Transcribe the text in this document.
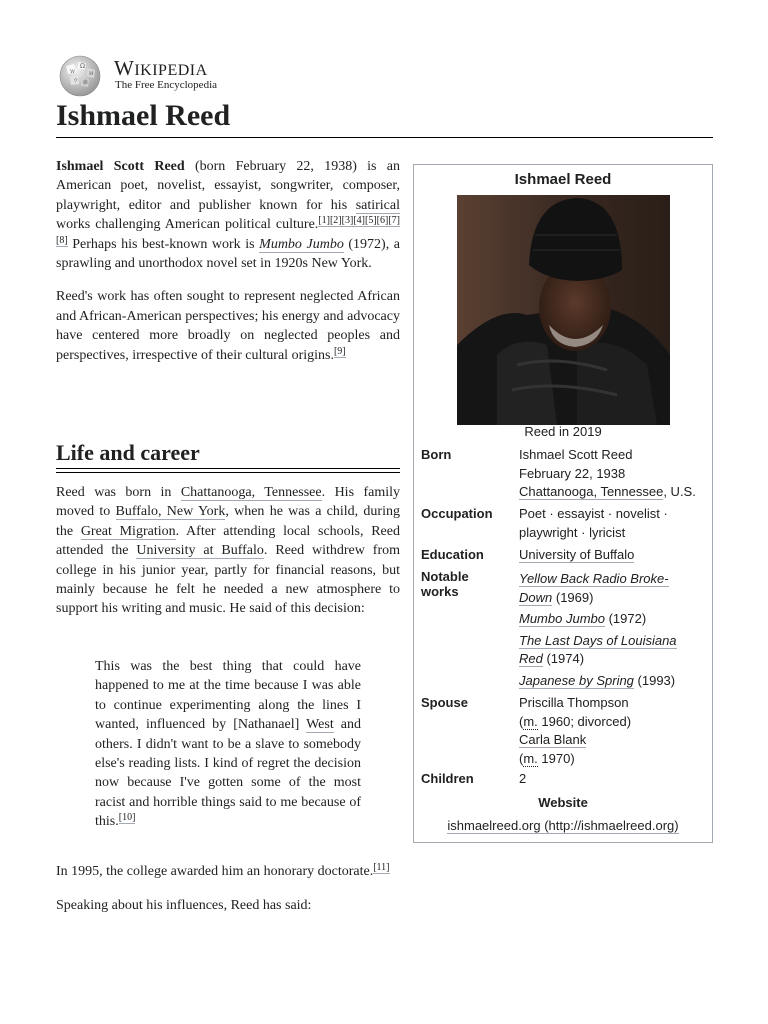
Ω
W	И
ウ 維
WIKIPEDIA
The Free Encyclopedia
Ishmael Reed

Ishmael Scott Reed (born February 22, 1938) is an American poet, novelist, essayist, songwriter, composer, playwright, editor and publisher known for his satirical works challenging American political culture.[1][2][3][4][5][6][7][8] Perhaps his best-known work is Mumbo Jumbo (1972), a sprawling and unorthodox novel set in 1920s New York.

Reed's work has often sought to represent neglected African and African-American perspectives; his energy and advocacy have centered more broadly on neglected peoples and perspectives, irrespective of their cultural origins.[9]

Life and career

Reed was born in Chattanooga, Tennessee. His family moved to Buffalo, New York, when he was a child, during the Great Migration. After attending local schools, Reed attended the University at Buffalo. Reed withdrew from college in his junior year, partly for financial reasons, but mainly because he felt he needed a new atmosphere to support his writing and music. He said of this decision:

This was the best thing that could have happened to me at the time because I was able to continue experimenting along the lines I wanted, influenced by [Nathanael] West and others. I didn't want to be a slave to somebody else's reading lists. I kind of regret the decision now because I've gotten some of the most racist and horrible things said to me because of this.[10]
In 1995, the college awarded him an honorary doctorate.[11]
Speaking about his influences, Reed has said:
Ishmael Reed
Reed in 2019
Born	Ishmael Scott Reed
February 22, 1938
Chattanooga, Tennessee, U.S.
Occupation	Poet · essayist · novelist ·
playwright · lyricist
Education	University of Buffalo
Notable
works
Yellow Back Radio Broke-
Down (1969)
Mumbo Jumbo (1972)
The Last Days of Louisiana
Red (1974)
Japanese by Spring (1993)
Spouse	Priscilla Thompson
(m. 1960; divorced)
Carla Blank
(m. 1970)
Children	2
Website
ishmaelreed.org (http://ishmaelreed.org)
